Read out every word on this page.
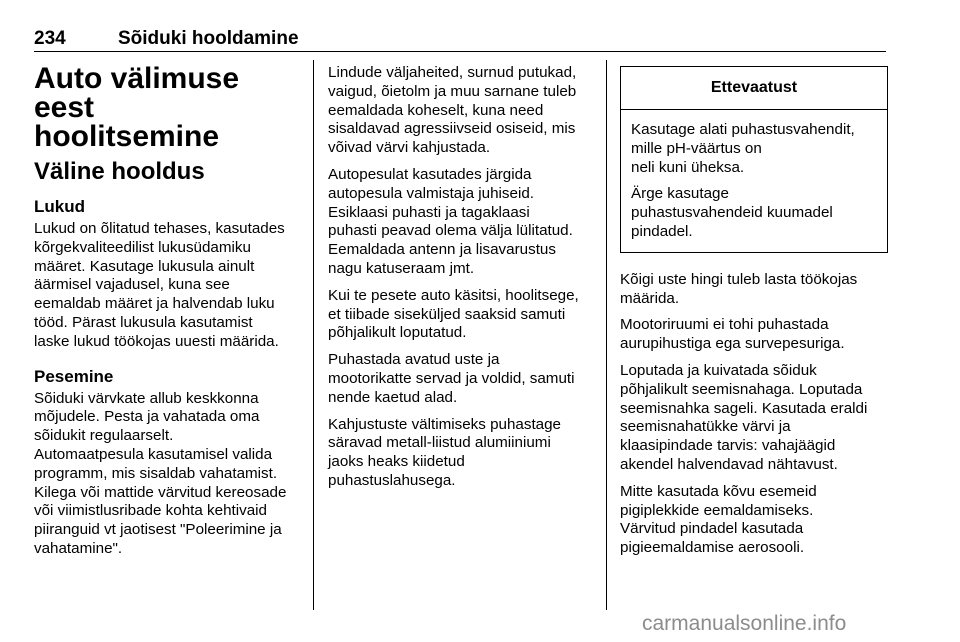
234	Sõiduki hooldamine
Auto välimuse eest
hoolitsemine
Väline hooldus
Lukud

Lukud on õlitatud tehases, kasutades
kõrgekvaliteedilist lukusüdamiku
määret. Kasutage lukusula ainult
äärmisel vajadusel, kuna see
eemaldab määret ja halvendab luku
tööd. Pärast lukusula kasutamist
laske lukud töökojas uuesti määrida.

Pesemine

Sõiduki värvkate allub keskkonna
mõjudele. Pesta ja vahatada oma
sõidukit regulaarselt.
Automaatpesula kasutamisel valida
programm, mis sisaldab vahatamist.
Kilega või mattide värvitud kereosade
või viimistlusribade kohta kehtivaid
piiranguid vt jaotisest "Poleerimine ja
vahatamine".

Lindude väljaheited, surnud putukad,
vaigud, õietolm ja muu sarnane tuleb
eemaldada koheselt, kuna need
sisaldavad agressiivseid osiseid, mis
võivad värvi kahjustada.

Autopesulat kasutades järgida
autopesula valmistaja juhiseid.
Esiklaasi puhasti ja tagaklaasi
puhasti peavad olema välja lülitatud.
Eemaldada antenn ja lisavarustus
nagu katuseraam jmt.

Kui te pesete auto käsitsi, hoolitsege,
et tiibade siseküljed saaksid samuti
põhjalikult loputatud.

Puhastada avatud uste ja
mootorikatte servad ja voldid, samuti
nende kaetud alad.

Kahjustuste vältimiseks puhastage
säravad metall-liistud alumiiniumi
jaoks heaks kiidetud
puhastuslahusega.

Ettevaatust

Kasutage alati puhastusvahendit,
mille pH-väärtus on
neli kuni üheksa.

Ärge kasutage
puhastusvahendeid kuumadel
pindadel.

Kõigi uste hingi tuleb lasta töökojas
määrida.

Mootoriruumi ei tohi puhastada
aurupihustiga ega survepesuriga.

Loputada ja kuivatada sõiduk
põhjalikult seemisnahaga. Loputada
seemisnahka sageli. Kasutada eraldi
seemisnahatükke värvi ja
klaasipindade tarvis: vahajäägid
akendel halvendavad nähtavust.

Mitte kasutada kõvu esemeid
pigiplekkide eemaldamiseks.
Värvitud pindadel kasutada
pigieemaldamise aerosooli.

carmanualsonline.info
